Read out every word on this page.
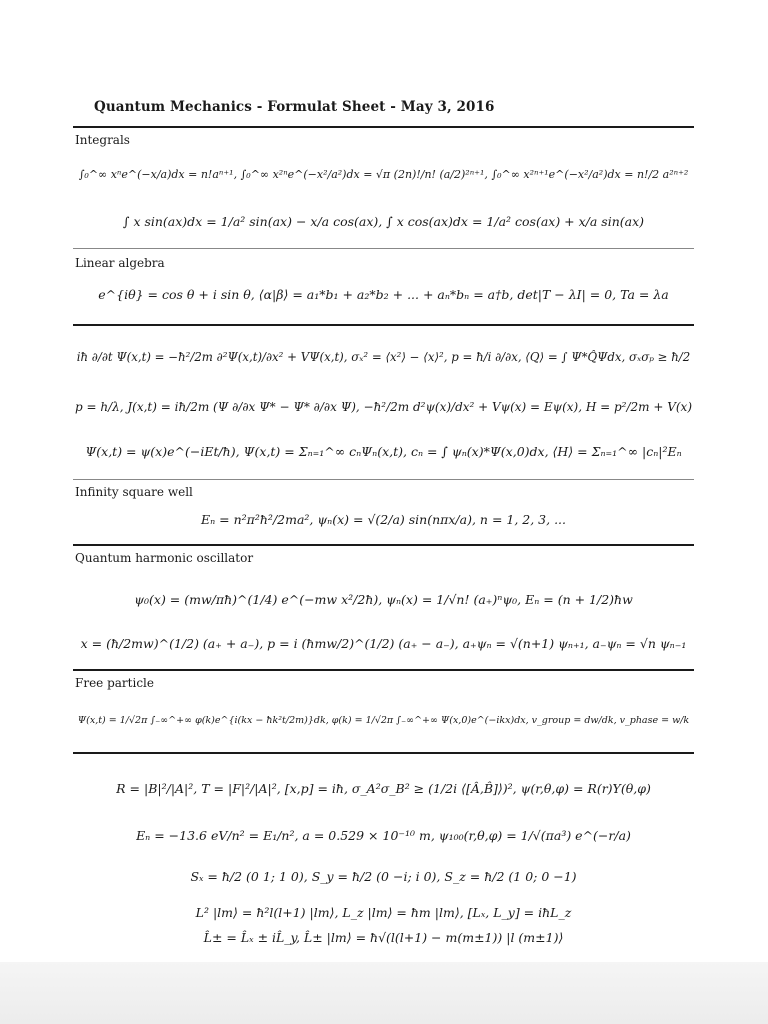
Quantum Mechanics - Formulat Sheet - May 3, 2016
Integrals
∫₀^∞ xⁿe^(−x/a)dx = n!aⁿ⁺¹, ∫₀^∞ x²ⁿe^(−x²/a²)dx = √π (2n)!/n! (a/2)²ⁿ⁺¹, ∫₀^∞ x²ⁿ⁺¹e^(−x²/a²)dx = n!/2 a²ⁿ⁺²
∫ x sin(ax)dx = 1/a² sin(ax) − x/a cos(ax), ∫ x cos(ax)dx = 1/a² cos(ax) + x/a sin(ax)
Linear algebra
e^{iθ} = cos θ + i sin θ, ⟨α|β⟩ = a₁*b₁ + a₂*b₂ + ... + aₙ*bₙ = a†b, det|T − λI| = 0, Ta = λa
iħ ∂/∂t Ψ(x,t) = −ħ²/2m ∂²Ψ(x,t)/∂x² + VΨ(x,t), σₓ² = ⟨x²⟩ − ⟨x⟩², p = ħ/i ∂/∂x, ⟨Q⟩ = ∫ Ψ*Q̂Ψdx, σₓσₚ ≥ ħ/2
p = h/λ, J(x,t) = iħ/2m (Ψ ∂/∂x Ψ* − Ψ* ∂/∂x Ψ), −ħ²/2m d²ψ(x)/dx² + Vψ(x) = Eψ(x), H = p²/2m + V(x)
Ψ(x,t) = ψ(x)e^(−iEt/ħ), Ψ(x,t) = Σₙ₌₁^∞ cₙΨₙ(x,t), cₙ = ∫ ψₙ(x)*Ψ(x,0)dx, ⟨H⟩ = Σₙ₌₁^∞ |cₙ|²Eₙ
Infinity square well
Eₙ = n²π²ħ²/2ma², ψₙ(x) = √(2/a) sin(nπx/a), n = 1, 2, 3, ...
Quantum harmonic oscillator
ψ₀(x) = (mw/πħ)^(1/4) e^(−mw x²/2ħ), ψₙ(x) = 1/√n! (a₊)ⁿψ₀, Eₙ = (n + 1/2)ħw
x = (ħ/2mw)^(1/2) (a₊ + a₋), p = i (ħmw/2)^(1/2) (a₊ − a₋), a₊ψₙ = √(n+1) ψₙ₊₁, a₋ψₙ = √n ψₙ₋₁
Free particle
Ψ(x,t) = 1/√2π ∫₋∞^+∞ φ(k)e^{i(kx − ħk²t/2m)}dk, φ(k) = 1/√2π ∫₋∞^+∞ Ψ(x,0)e^(−ikx)dx, v_group = dw/dk, v_phase = w/k
R = |B|²/|A|², T = |F|²/|A|², [x,p] = iħ, σ_A²σ_B² ≥ (1/2i ⟨[Â,B̂]⟩)², ψ(r,θ,φ) = R(r)Y(θ,φ)
Eₙ = −13.6 eV/n² = E₁/n², a = 0.529 × 10⁻¹⁰ m, ψ₁₀₀(r,θ,φ) = 1/√(πa³) e^(−r/a)
Sₓ = ħ/2 (0 1; 1 0), S_y = ħ/2 (0 −i; i 0), S_z = ħ/2 (1 0; 0 −1)
L² |lm⟩ = ħ²l(l+1) |lm⟩, L_z |lm⟩ = ħm |lm⟩, [Lₓ, L_y] = iħL_z
L̂± = L̂ₓ ± iL̂_y, L̂± |lm⟩ = ħ√(l(l+1) − m(m±1)) |l (m±1)⟩
